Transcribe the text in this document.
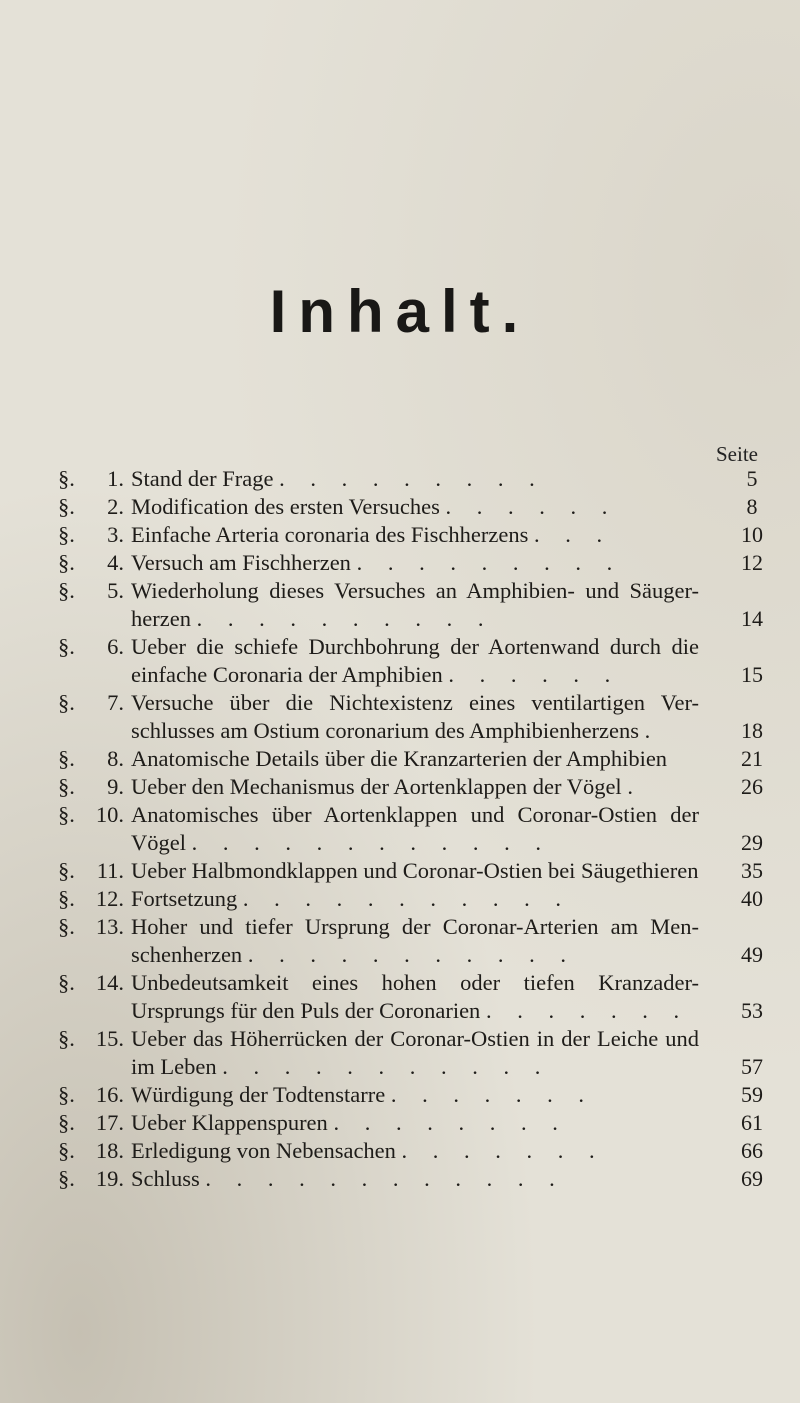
Inhalt.
Seite
§.	1. Stand der Frage . . . . . . . . .	5
§.	2. Modification des ersten Versuches . . . . . .	8
§.	3. Einfache Arteria coronaria des Fischherzens . . .	10
§.	4. Versuch am Fischherzen . . . . . . . . .	12
§.	5. Wiederholung dieses Versuches an Amphibien- und Säuger-herzen . . . . . . . . . .	14
§.	6. Ueber die schiefe Durchbohrung der Aortenwand durch die einfache Coronaria der Amphibien . . . . . .	15
§.	7. Versuche über die Nichtexistenz eines ventilartigen Ver-schlusses am Ostium coronarium des Amphibienherzens .	18
§.	8. Anatomische Details über die Kranzarterien der Amphibien	21
§.	9. Ueber den Mechanismus der Aortenklappen der Vögel .	26
§. 10. Anatomisches über Aortenklappen und Coronar-Ostien der Vögel . . . . . . . . . . . .	29
§. 11. Ueber Halbmondklappen und Coronar-Ostien bei Säugethieren	35
§. 12. Fortsetzung . . . . . . . . . . .	40
§. 13. Hoher und tiefer Ursprung der Coronar-Arterien am Men-schenherzen . . . . . . . . . . .	49
§. 14. Unbedeutsamkeit eines hohen oder tiefen Kranzader-Ursprungs für den Puls der Coronarien . . . . . . .	53
§. 15. Ueber das Höherrücken der Coronar-Ostien in der Leiche und im Leben . . . . . . . . . . .	57
§. 16. Würdigung der Todtenstarre . . . . . . .	59
§. 17. Ueber Klappenspuren . . . . . . . .	61
§. 18. Erledigung von Nebensachen . . . . . . .	66
§. 19. Schluss . . . . . . . . . . . .	69
